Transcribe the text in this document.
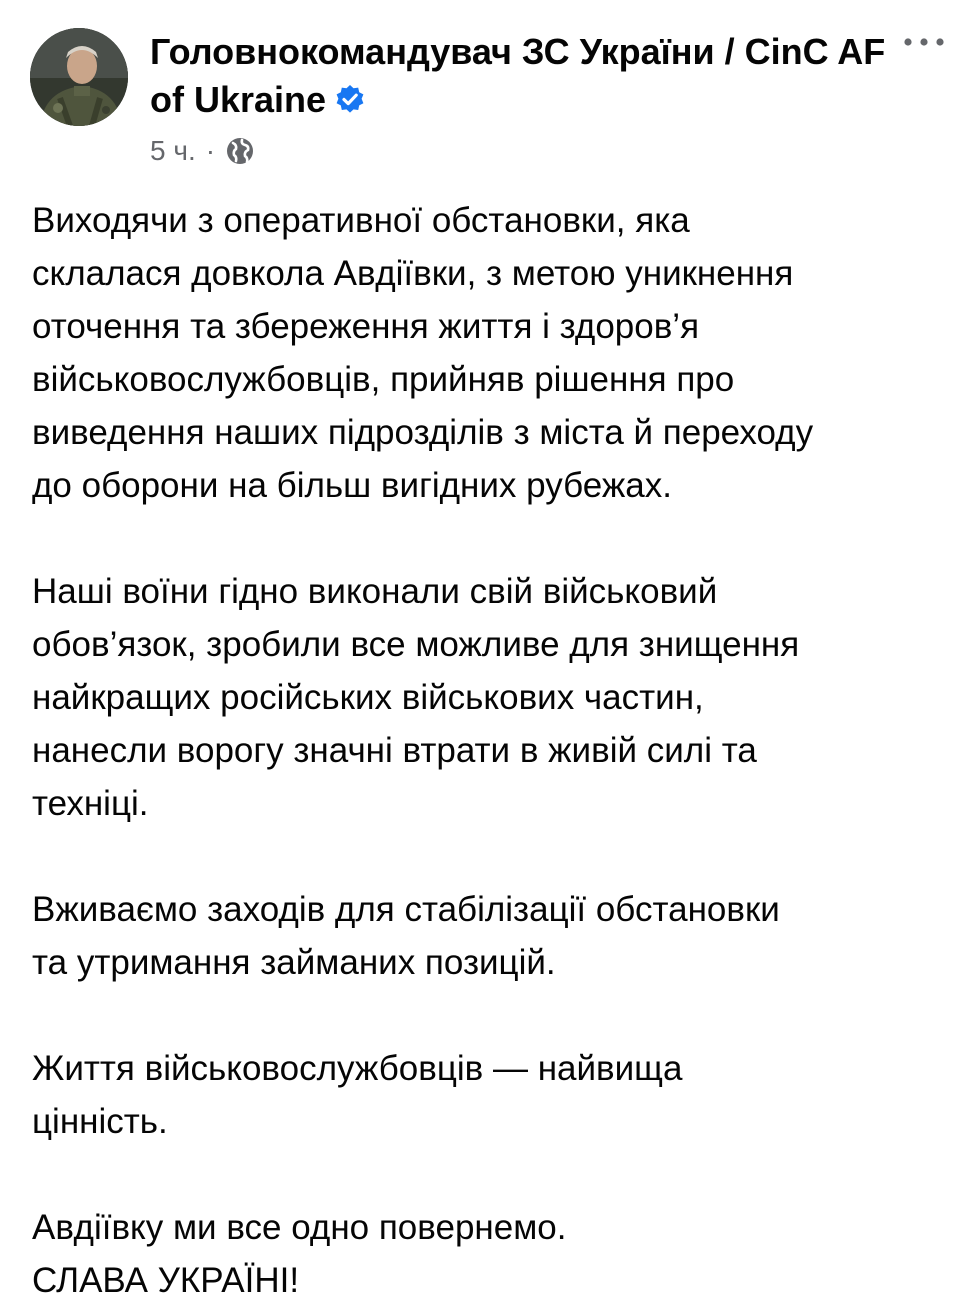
Головнокомандувач ЗС України / CinC AF of Ukraine
5 ч. ·

Виходячи з оперативної обстановки, яка
склалася довкола Авдіївки, з метою уникнення
оточення та збереження життя і здоров’я
військовослужбовців, прийняв рішення про
виведення наших підрозділів з міста й переходу
до оборони на більш вигідних рубежах.

Наші воїни гідно виконали свій військовий
обов’язок, зробили все можливе для знищення
найкращих російських військових частин,
нанесли ворогу значні втрати в живій силі та
техніці.

Вживаємо заходів для стабілізації обстановки
та утримання займаних позицій.

Життя військовослужбовців — найвища
цінність.

Авдіївку ми все одно повернемо.
СЛАВА УКРАЇНІ!
